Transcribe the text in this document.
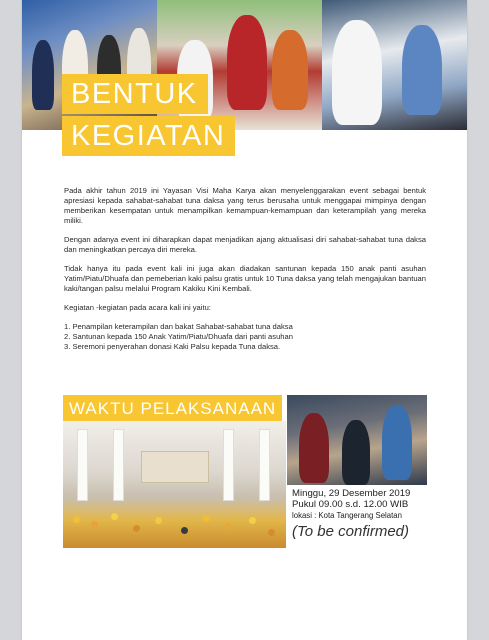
BENTUK
KEGIATAN

Pada akhir tahun 2019 ini Yayasan Visi Maha Karya akan menyelenggarakan event sebagai bentuk apresiasi kepada sahabat-sahabat tuna daksa yang terus berusaha untuk menggapai mimpinya dengan memberikan kesempatan untuk menampilkan kemampuan-kemampuan dan keterampilah yang mereka miliki.

Dengan adanya event ini diharapkan dapat menjadikan ajang aktualisasi diri sahabat-sahabat tuna daksa dan meningkatkan percaya diri mereka.

Tidak hanya itu pada event kali ini juga akan diadakan santunan kepada 150 anak panti asuhan Yatim/Piatu/Dhuafa dan pemeberian kaki palsu gratis untuk 10 Tuna daksa yang telah mengajukan bantuan kaki/tangan palsu melalui Program Kakiku Kini Kembali.

Kegiatan -kegiatan pada acara kali ini yaitu:

1. Penampilan keterampilan dan bakat Sahabat-sahabat tuna daksa
2. Santunan kepada 150 Anak Yatim/Piatu/Dhuafa dari panti asuhan
3. Seremoni penyerahan donasi Kaki Palsu kepada Tuna daksa.
WAKTU PELAKSANAAN
Minggu, 29 Desember 2019
Pukul 09.00 s.d. 12.00 WIB
lokasi : Kota Tangerang Selatan
(To be confirmed)
